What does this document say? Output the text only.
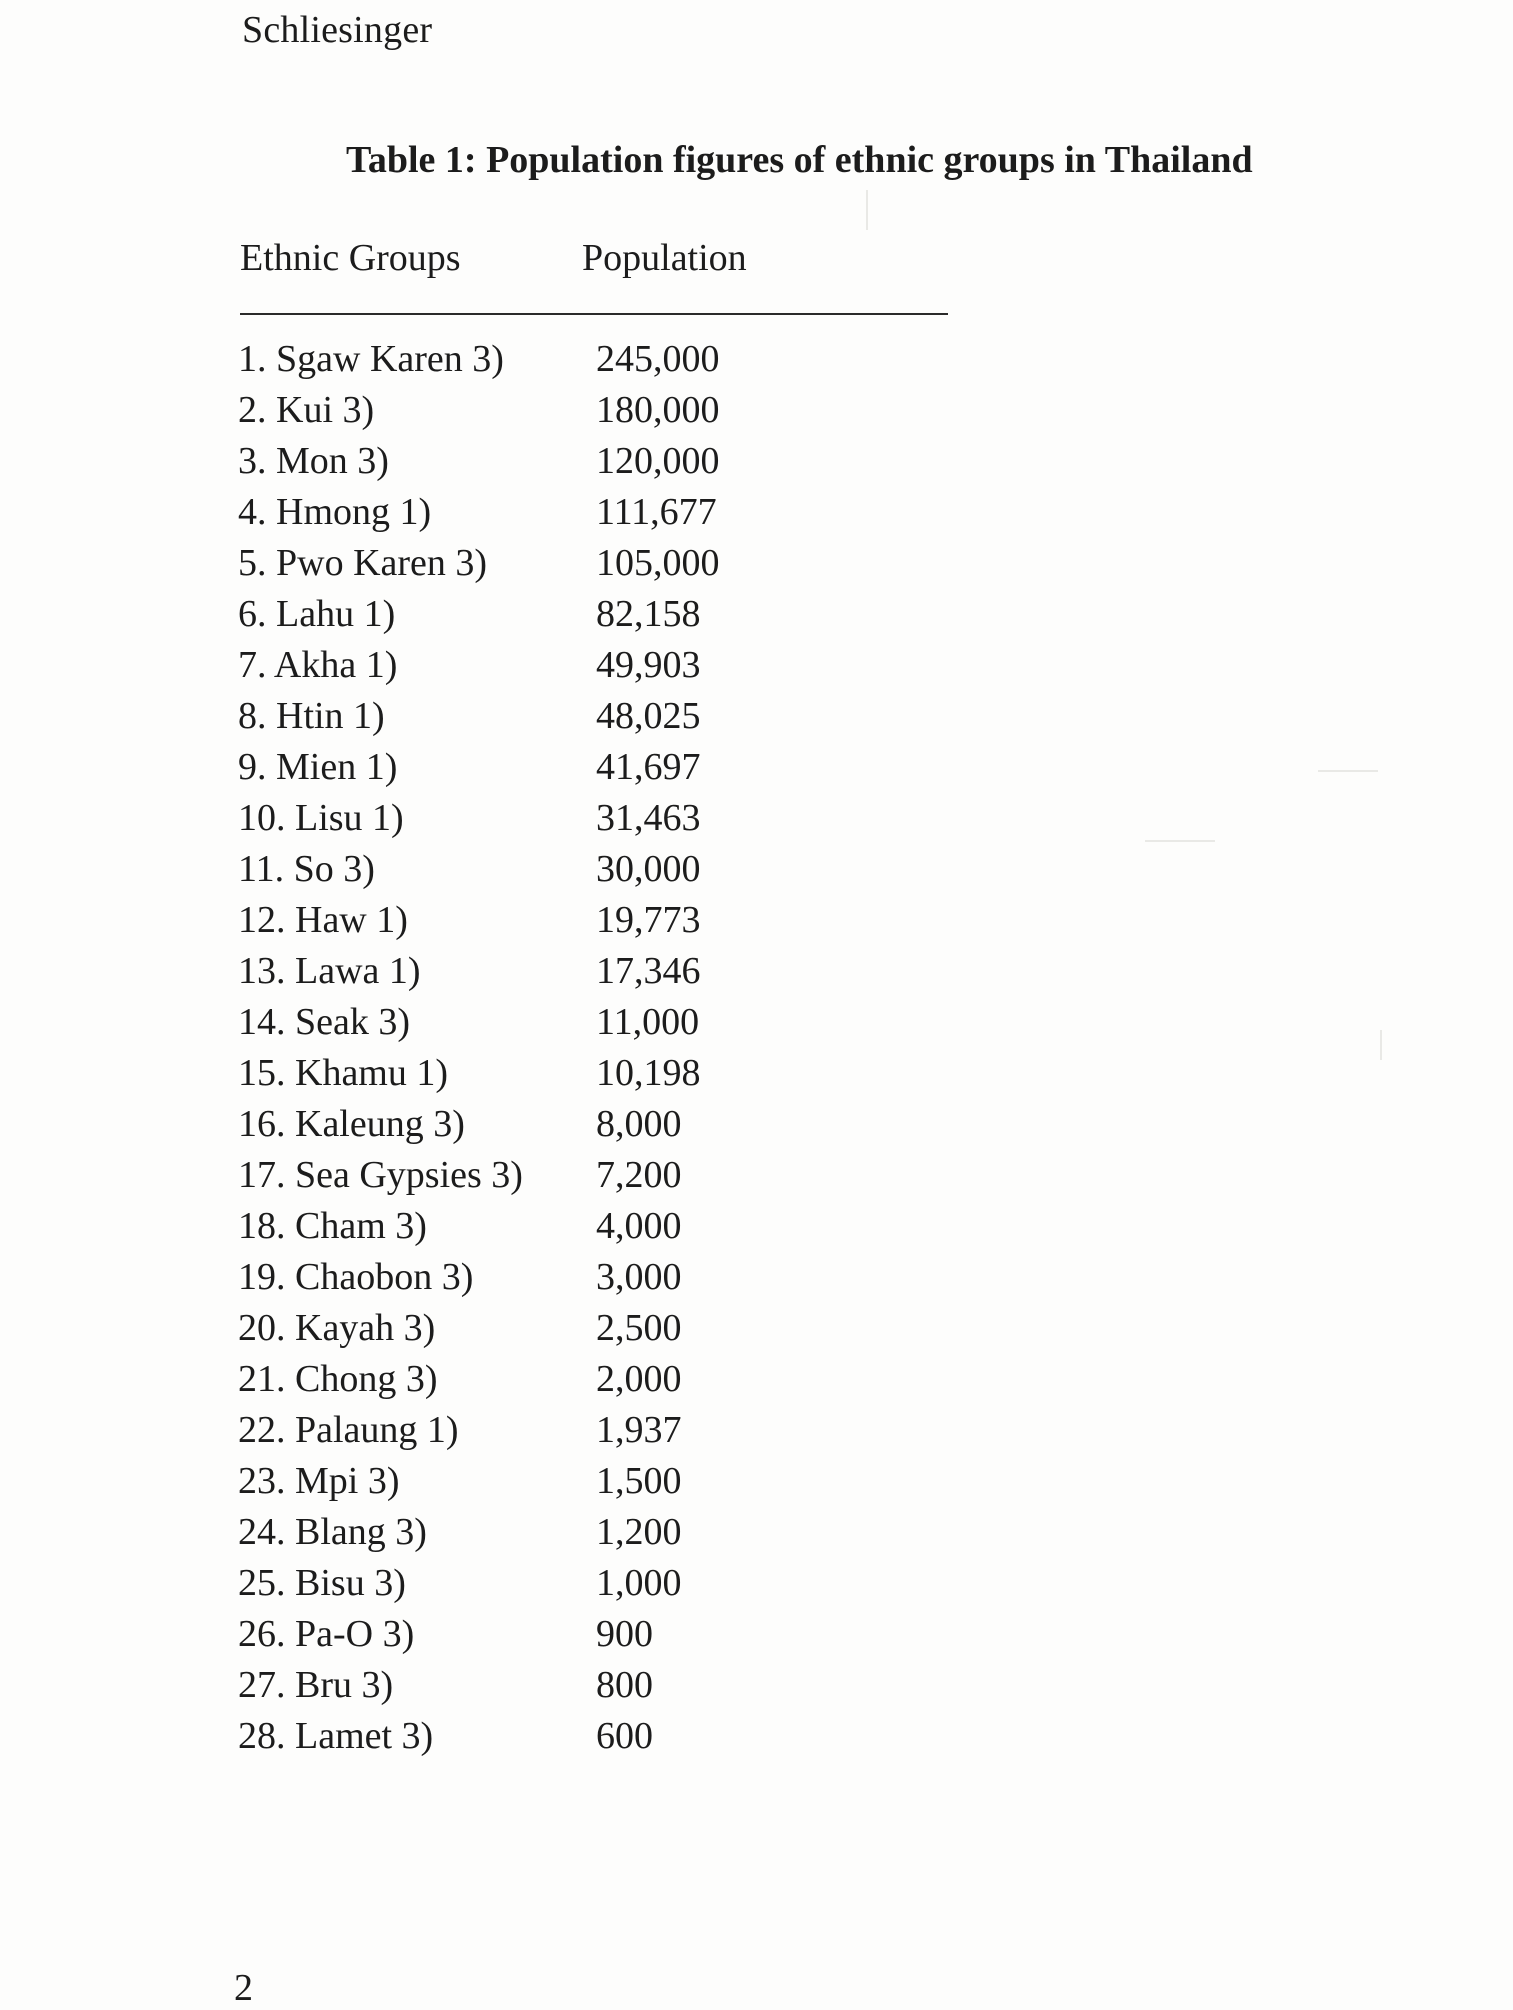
Schliesinger
Table 1: Population figures of ethnic groups in Thailand
Ethnic Groups	Population
1. Sgaw Karen 3) 245,000
2. Kui 3)	180,000
3. Mon 3)	120,000
4. Hmong 1)	111,677
5. Pwo Karen 3)	105,000
6. Lahu 1)	82,158
7. Akha 1)	49,903
8. Htin 1)	48,025
9. Mien 1)	41,697
10. Lisu 1)	31,463
11. So 3)	30,000
12. Haw 1)	19,773
13. Lawa 1)	17,346
14. Seak 3)	11,000
15. Khamu 1)	10,198
16. Kaleung 3)	8,000
17. Sea Gypsies 3) 7,200
18. Cham 3)	4,000
19. Chaobon 3)	3,000
20. Kayah 3)	2,500
21. Chong 3)	2,000
22. Palaung 1)	1,937
23. Mpi 3)	1,500
24. Blang 3)	1,200
25. Bisu 3)	1,000
26. Pa-O 3)	900
27. Bru 3)	800
28. Lamet 3)	600
2
